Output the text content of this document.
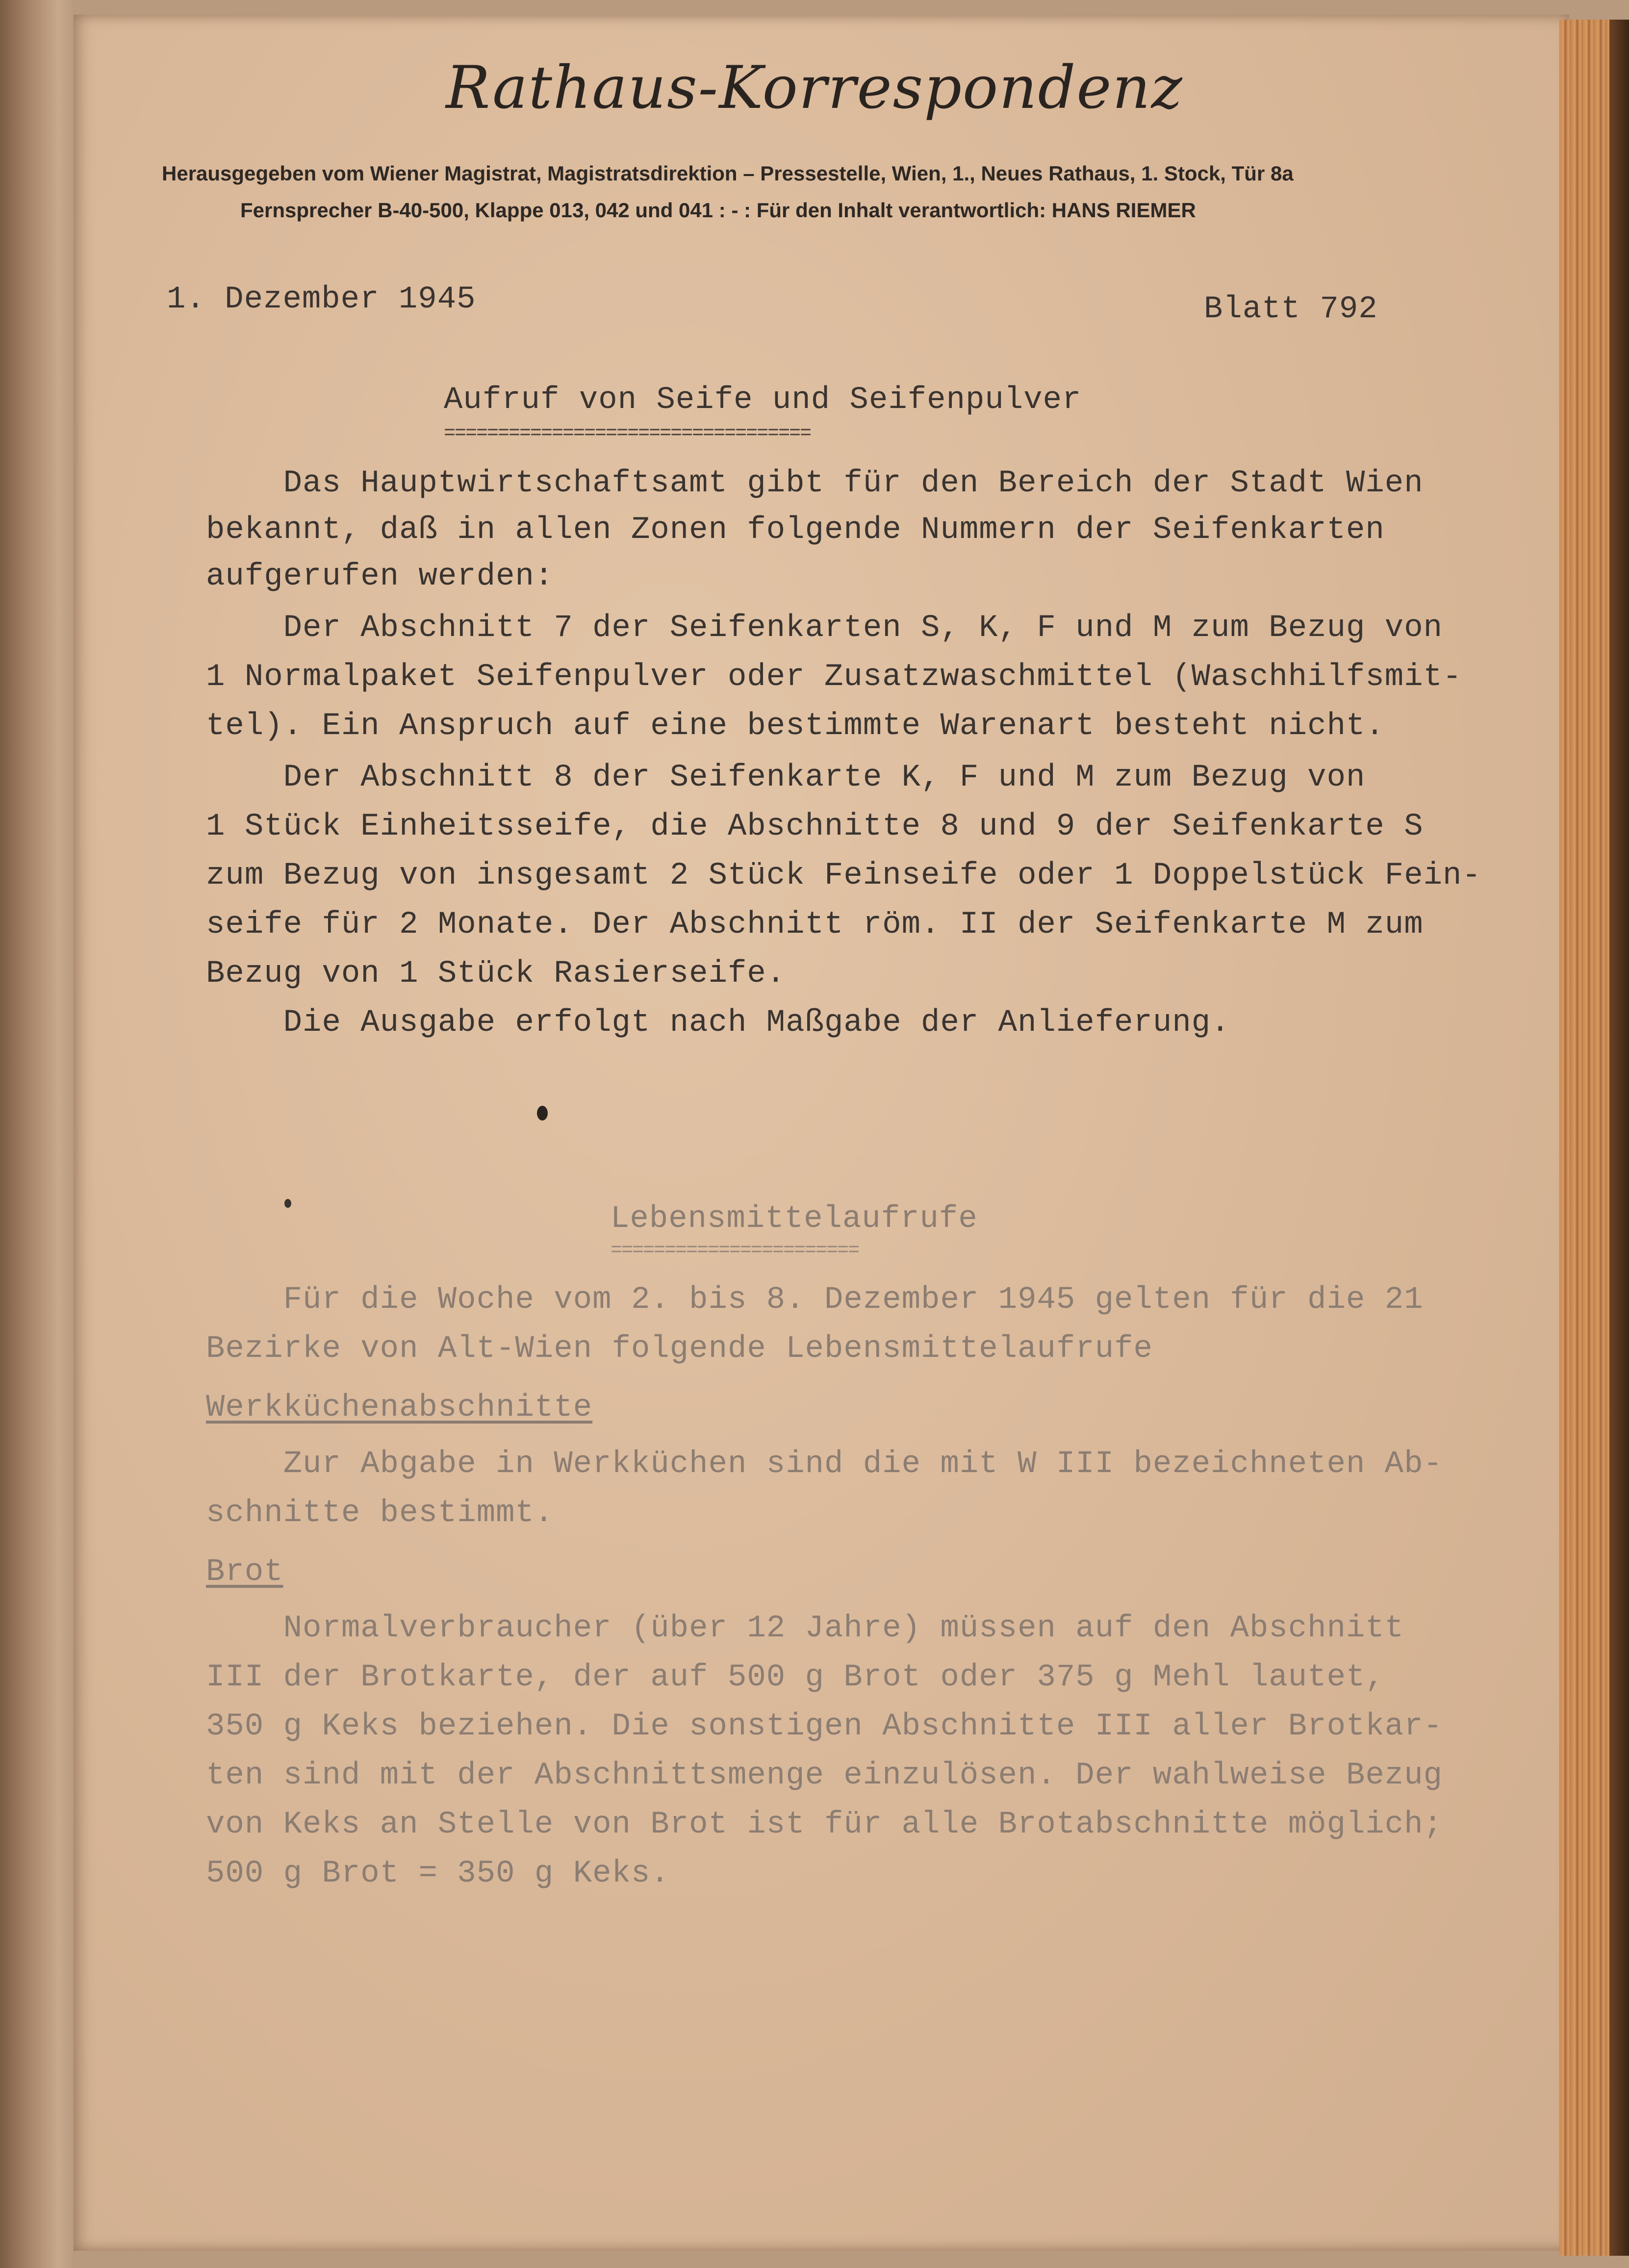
Rathaus-Korrespondenz
Herausgegeben vom Wiener Magistrat, Magistratsdirektion – Pressestelle, Wien, 1., Neues Rathaus, 1. Stock, Tür 8a
Fernsprecher B-40-500, Klappe 013, 042 und 041 : - : Für den Inhalt verantwortlich: HANS RIEMER
1. Dezember 1945	Blatt 792
Aufruf von Seife und Seifenpulver
==================================
Das Hauptwirtschaftsamt gibt für den Bereich der Stadt Wien
bekannt, daß in allen Zonen folgende Nummern der Seifenkarten
aufgerufen werden:
Der Abschnitt 7 der Seifenkarten S, K, F und M zum Bezug von
1 Normalpaket Seifenpulver oder Zusatzwaschmittel (Waschhilfsmit-
tel). Ein Anspruch auf eine bestimmte Warenart besteht nicht.
Der Abschnitt 8 der Seifenkarte K, F und M zum Bezug von
1 Stück Einheitsseife, die Abschnitte 8 und 9 der Seifenkarte S
zum Bezug von insgesamt 2 Stück Feinseife oder 1 Doppelstück Fein-
seife für 2 Monate. Der Abschnitt röm. II der Seifenkarte M zum
Bezug von 1 Stück Rasierseife.
Die Ausgabe erfolgt nach Maßgabe der Anlieferung.
Lebensmittelaufrufe
=======================
Für die Woche vom 2. bis 8. Dezember 1945 gelten für die 21
Bezirke von Alt-Wien folgende Lebensmittelaufrufe
Werkküchenabschnitte
Zur Abgabe in Werkküchen sind die mit W III bezeichneten Ab-
schnitte bestimmt.
Brot
Normalverbraucher (über 12 Jahre) müssen auf den Abschnitt
III der Brotkarte, der auf 500 g Brot oder 375 g Mehl lautet,
350 g Keks beziehen. Die sonstigen Abschnitte III aller Brotkar-
ten sind mit der Abschnittsmenge einzulösen. Der wahlweise Bezug
von Keks an Stelle von Brot ist für alle Brotabschnitte möglich;
500 g Brot = 350 g Keks.
